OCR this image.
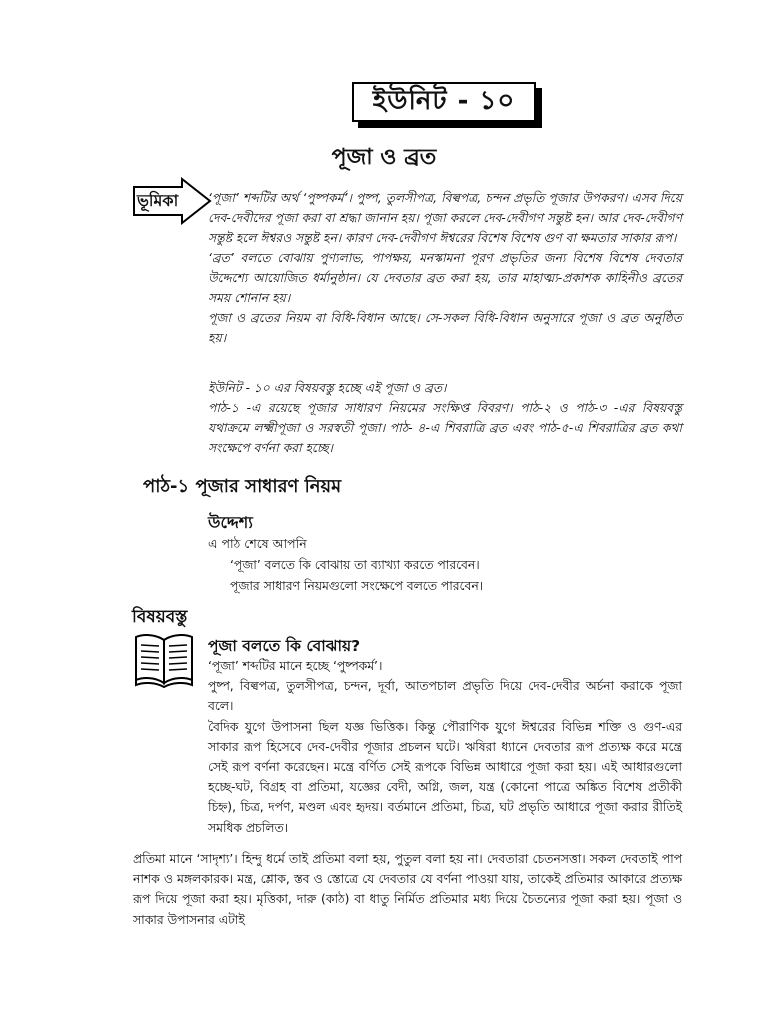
ইউনিট - ১০
পূজা ও ব্রত
ভূমিকা ‘পূজা’ শব্দটির অর্থ ‘পুষ্পকর্ম’। পুষ্প, তুলসীপত্র, বিল্বপত্র, চন্দন প্রভৃতি পূজার উপকরণ। এসব দিয়ে দেব-দেবীদের পূজা করা বা শ্রদ্ধা জানান হয়। পূজা করলে দেব-দেবীগণ সন্তুষ্ট হন। আর দেব-দেবীগণ সন্তুষ্ট হলে ঈশ্বরও সন্তুষ্ট হন। কারণ দেব-দেবীগণ ঈশ্বরের বিশেষ বিশেষ গুণ বা ক্ষমতার সাকার রূপ।

‘ব্রত’ বলতে বোঝায় পুণ্যলাভ, পাপক্ষয়, মনস্কামনা পূরণ প্রভৃতির জন্য বিশেষ বিশেষ দেবতার উদ্দেশ্যে আয়োজিত ধর্মানুষ্ঠান। যে দেবতার ব্রত করা হয়, তার মাহাত্ম্য-প্রকাশক কাহিনীও ব্রতের সময় শোনান হয়।

পূজা ও ব্রতের নিয়ম বা বিধি-বিধান আছে। সে-সকল বিধি-বিধান অনুসারে পূজা ও ব্রত অনুষ্ঠিত হয়।

ইউনিট - ১০ এর বিষয়বস্তু হচ্ছে এই পূজা ও ব্রত।

পাঠ-১ -এ রয়েছে পূজার সাধারণ নিয়মের সংক্ষিপ্ত বিবরণ। পাঠ-২ ও পাঠ-৩ -এর বিষয়বস্তু যথাক্রমে লক্ষ্মীপূজা ও সরস্বতী পূজা। পাঠ- ৪-এ শিবরাত্রি ব্রত এবং পাঠ-৫-এ শিবরাত্রির ব্রত কথা সংক্ষেপে বর্ণনা করা হচ্ছে।

পাঠ-১ পূজার সাধারণ নিয়ম
উদ্দেশ্য
এ পাঠ শেষে আপনি
‘পূজা’ বলতে কি বোঝায় তা ব্যাখ্যা করতে পারবেন।
পূজার সাধারণ নিয়মগুলো সংক্ষেপে বলতে পারবেন।
বিষয়বস্তু
পূজা বলতে কি বোঝায়?

‘পূজা’ শব্দটির মানে হচ্ছে ‘পুষ্পকর্ম’।

পুষ্প, বিল্বপত্র, তুলসীপত্র, চন্দন, দূর্বা, আতপচাল প্রভৃতি দিয়ে দেব-দেবীর অর্চনা করাকে পূজা বলে।

বৈদিক যুগে উপাসনা ছিল যজ্ঞ ভিত্তিক। কিন্তু পৌরাণিক যুগে ঈশ্বরের বিভিন্ন শক্তি ও গুণ-এর সাকার রূপ হিসেবে দেব-দেবীর পূজার প্রচলন ঘটে। ঋষিরা ধ্যানে দেবতার রূপ প্রত্যক্ষ করে মন্ত্রে সেই রূপ বর্ণনা করেছেন। মন্ত্রে বর্ণিত সেই রূপকে বিভিন্ন আধারে পূজা করা হয়। এই আধারগুলো হচ্ছে-ঘট, বিগ্রহ বা প্রতিমা, যজ্ঞের বেদী, অগ্নি, জল, যন্ত্র (কোনো পাত্রে অঙ্কিত বিশেষ প্রতীকী চিহ্ন), চিত্র, দর্পণ, মণ্ডল এবং হৃদয়। বর্তমানে প্রতিমা, চিত্র, ঘট প্রভৃতি আধারে পূজা করার রীতিই সমধিক প্রচলিত।

প্রতিমা মানে ‘সাদৃশ্য’। হিন্দু ধর্মে তাই প্রতিমা বলা হয়, পুতুল বলা হয় না। দেবতারা চেতনসত্তা। সকল দেবতাই পাপ নাশক ও মঙ্গলকারক। মন্ত্র, শ্লোক, স্তব ও স্তোত্রে যে দেবতার যে বর্ণনা পাওয়া যায়, তাকেই প্রতিমার আকারে প্রত্যক্ষ রূপ দিয়ে পূজা করা হয়। মৃত্তিকা, দারু (কাঠ) বা ধাতু নির্মিত প্রতিমার মধ্য দিয়ে চৈতন্যের পূজা করা হয়। পূজা ও সাকার উপাসনার এটাই
